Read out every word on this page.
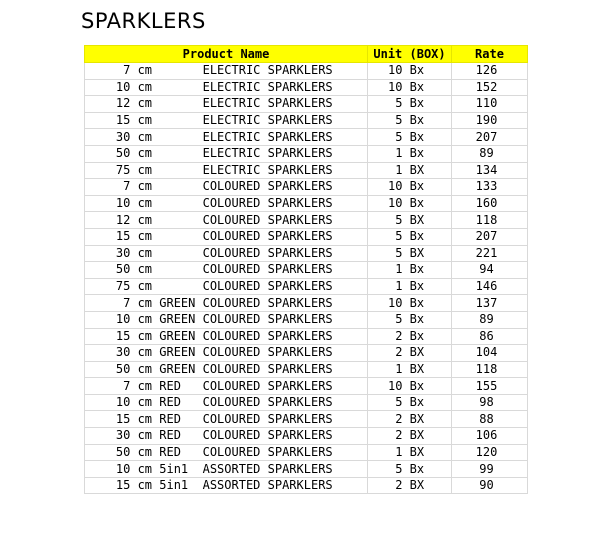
SPARKLERS
Product Name	Unit (BOX)	Rate
7 cm       ELECTRIC SPARKLERS	10 Bx	126
10 cm       ELECTRIC SPARKLERS	10 Bx	152
12 cm       ELECTRIC SPARKLERS	5 Bx	110
15 cm       ELECTRIC SPARKLERS	5 Bx	190
30 cm       ELECTRIC SPARKLERS	5 Bx	207
50 cm       ELECTRIC SPARKLERS	1 Bx	89
75 cm       ELECTRIC SPARKLERS	1 BX	134
7 cm       COLOURED SPARKLERS	10 Bx	133
10 cm       COLOURED SPARKLERS	10 Bx	160
12 cm       COLOURED SPARKLERS	5 BX	118
15 cm       COLOURED SPARKLERS	5 Bx	207
30 cm       COLOURED SPARKLERS	5 BX	221
50 cm       COLOURED SPARKLERS	1 Bx	94
75 cm       COLOURED SPARKLERS	1 Bx	146
7 cm GREEN COLOURED SPARKLERS	10 Bx	137
10 cm GREEN COLOURED SPARKLERS	5 Bx	89
15 cm GREEN COLOURED SPARKLERS	2 Bx	86
30 cm GREEN COLOURED SPARKLERS	2 BX	104
50 cm GREEN COLOURED SPARKLERS	1 BX	118
7 cm RED   COLOURED SPARKLERS	10 Bx	155
10 cm RED   COLOURED SPARKLERS	5 Bx	98
15 cm RED   COLOURED SPARKLERS	2 BX	88
30 cm RED   COLOURED SPARKLERS	2 BX	106
50 cm RED   COLOURED SPARKLERS	1 BX	120
10 cm 5in1  ASSORTED SPARKLERS	5 Bx	99
15 cm 5in1  ASSORTED SPARKLERS	2 BX	90
